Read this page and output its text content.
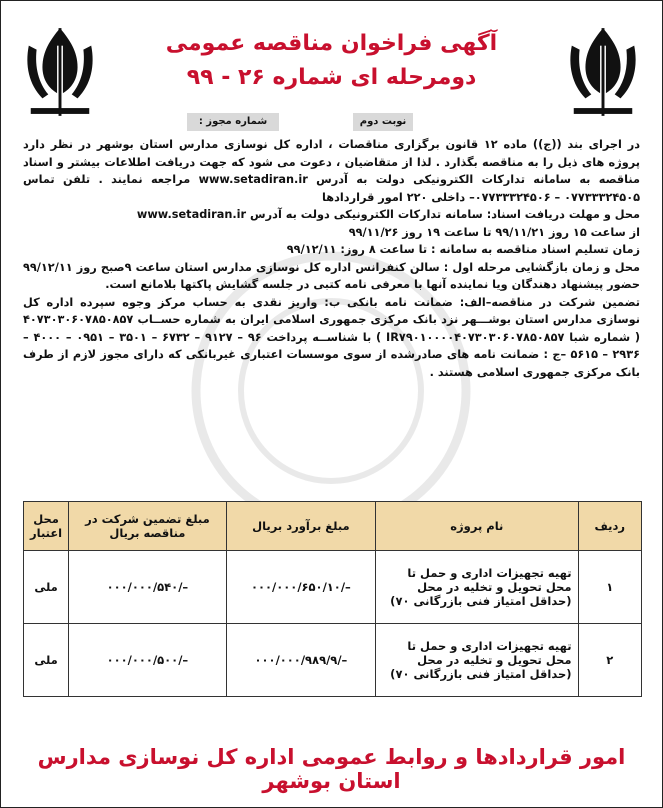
آگهی فراخوان مناقصه عمومی
دومرحله ای شماره ۲۶ - ۹۹
نوبت دوم
شماره مجوز :

در اجرای بند ((ج)) ماده ۱۲ قانون برگزاری مناقصات ، اداره کل نوسازی مدارس استان بوشهر در نظر دارد پروژه های ذیل را به مناقصه بگذارد . لذا از متقاضیان ، دعوت می شود که جهت دریافت اطلاعات بیشتر و اسناد مناقصه به سامانه تدارکات الکترونیکی دولت به آدرس www.setadiran.ir مراجعه نمایند . تلفن تماس ۰۷۷۳۳۳۲۴۵۰۵ – ۰۷۷۳۳۳۲۴۵۰۶– داخلی ۲۲۰ امور قراردادها

محل و مهلت دریافت اسناد: سامانه تدارکات الکترونیکی دولت به آدرس www.setadiran.ir

از ساعت ۱۵ روز ۹۹/۱۱/۲۱ تا ساعت ۱۹ روز ۹۹/۱۱/۲۶

زمان تسلیم اسناد مناقصه به سامانه : تا ساعت ۸ روز: ۹۹/۱۲/۱۱

محل و زمان بازگشایی مرحله اول : سالن کنفرانس اداره کل نوسازی مدارس استان ساعت ۹صبح روز ۹۹/۱۲/۱۱ حضور پیشنهاد دهندگان ویا نماینده آنها با معرفی نامه کتبی در جلسه گشایش پاکتها بلامانع است.

تضمین شرکت در مناقصه–الف: ضمانت نامه بانکی ب: واریز نقدی به حساب مرکز وجوه سپرده اداره کل نوسازی مدارس استان بوشـــهر نزد بانک مرکزی جمهوری اسلامی ایران به شماره حســاب ۴۰۷۳۰۳۰۶۰۷۸۵۰۸۵۷ ( شماره شبا IR۷۹۰۱۰۰۰۰۴۰۷۳۰۳۰۶۰۷۸۵۰۸۵۷ ) با شناســه پرداخت ۹۶ – ۹۱۲۷ – ۶۷۳۲ – ۳۵۰۱ – ۰۹۵۱ – ۴۰۰۰ – ۲۹۳۶ – ۵۶۱۵ –ج : ضمانت نامه های صادرشده از سوی موسسات اعتباری غیربانکی که دارای مجوز لازم از طرف بانک مرکزی جمهوری اسلامی هستند .

ردیف	نام پروژه	مبلغ برآورد بریال	مبلغ تضمین شرکت در مناقصه بریال	محل اعتبار
۱	تهیه تجهیزات اداری و حمل تا محل تحویل و تخلیه در محل (حداقل امتیاز فنی بازرگانی ۷۰)	–/۰۰۰/۰۰۰/۶۵۰/۱۰	–/۰۰۰/۰۰۰/۵۴۰	ملی
۲	تهیه تجهیزات اداری و حمل تا محل تحویل و تخلیه در محل (حداقل امتیاز فنی بازرگانی ۷۰)	–/۰۰۰/۰۰۰/۹۸۹/۹	–/۰۰۰/۰۰۰/۵۰۰	ملی
امور قراردادها و روابط عمومی اداره کل نوسازی مدارس استان بوشهر
